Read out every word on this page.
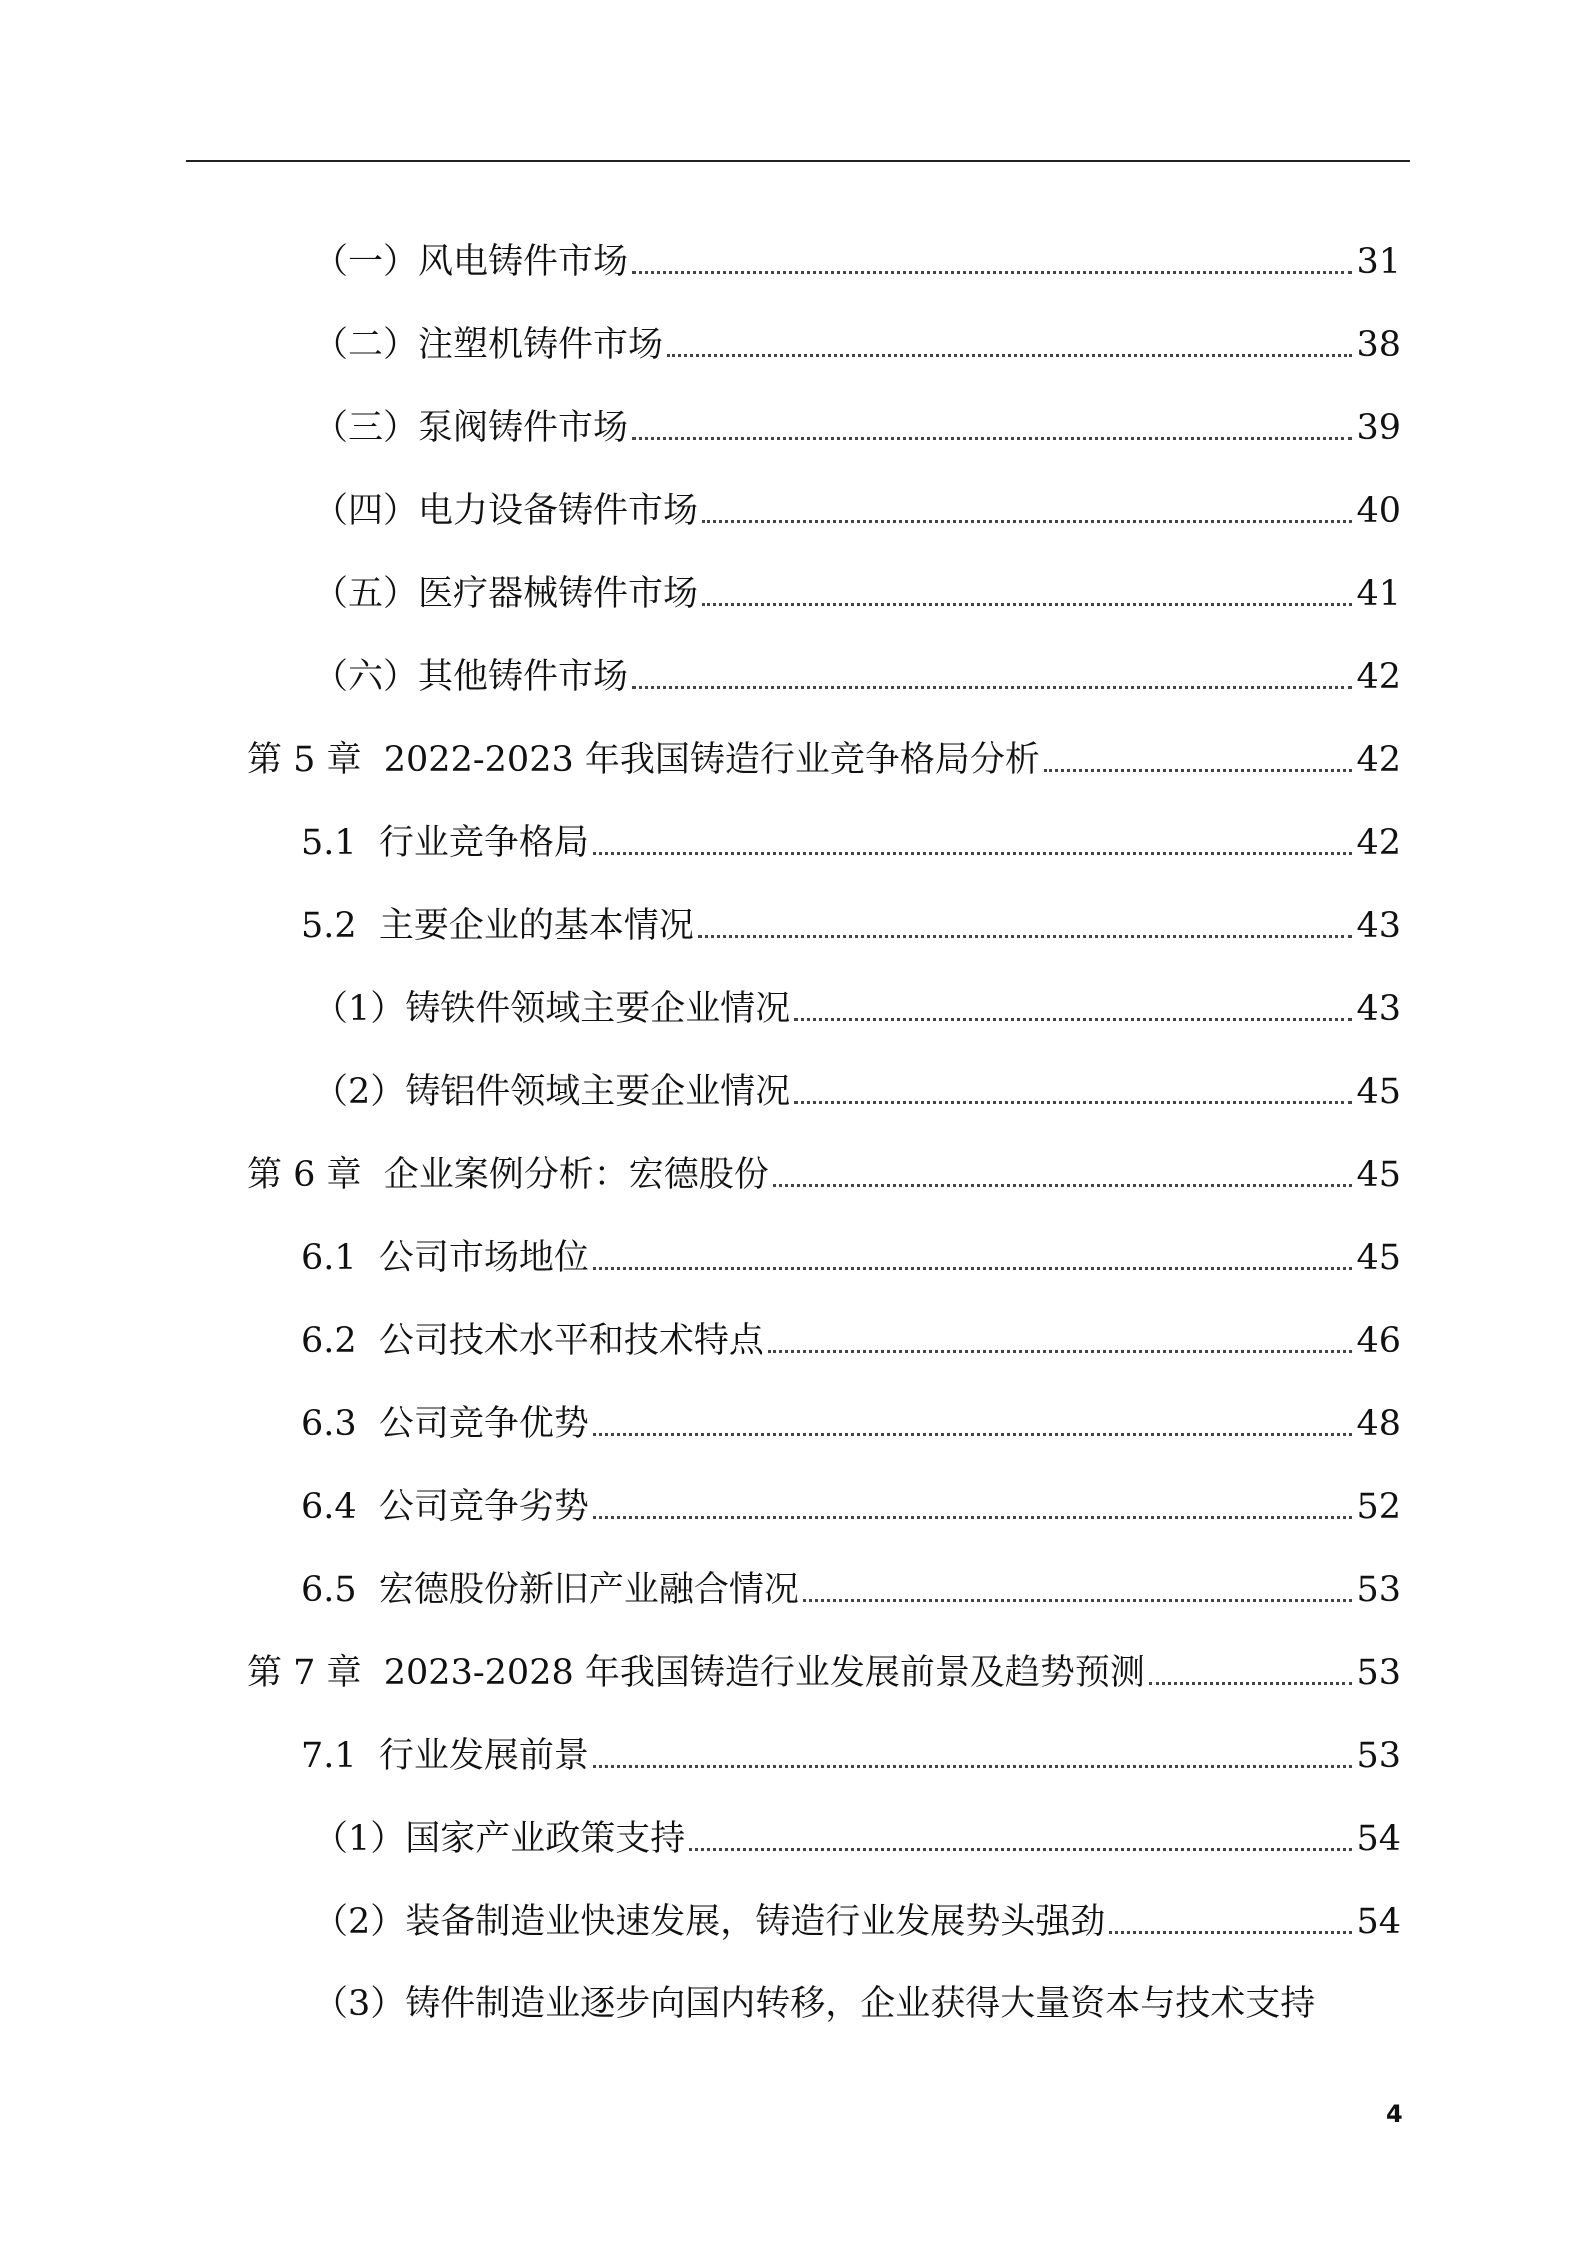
（一）风电铸件市场	31
（二）注塑机铸件市场	38
（三）泵阀铸件市场	39
（四）电力设备铸件市场	40
（五）医疗器械铸件市场	41
（六）其他铸件市场	42
第 5 章  2022-2023 年我国铸造行业竞争格局分析	42
5.1  行业竞争格局	42
5.2  主要企业的基本情况	43
（1）铸铁件领域主要企业情况	43
（2）铸铝件领域主要企业情况	45
第 6 章  企业案例分析：宏德股份	45
6.1  公司市场地位	45
6.2  公司技术水平和技术特点	46
6.3  公司竞争优势	48
6.4  公司竞争劣势	52
6.5  宏德股份新旧产业融合情况	53
第 7 章  2023-2028 年我国铸造行业发展前景及趋势预测	53
7.1  行业发展前景	53
（1）国家产业政策支持	54
（2）装备制造业快速发展，铸造行业发展势头强劲	54
（3）铸件制造业逐步向国内转移，企业获得大量资本与技术支持
4
